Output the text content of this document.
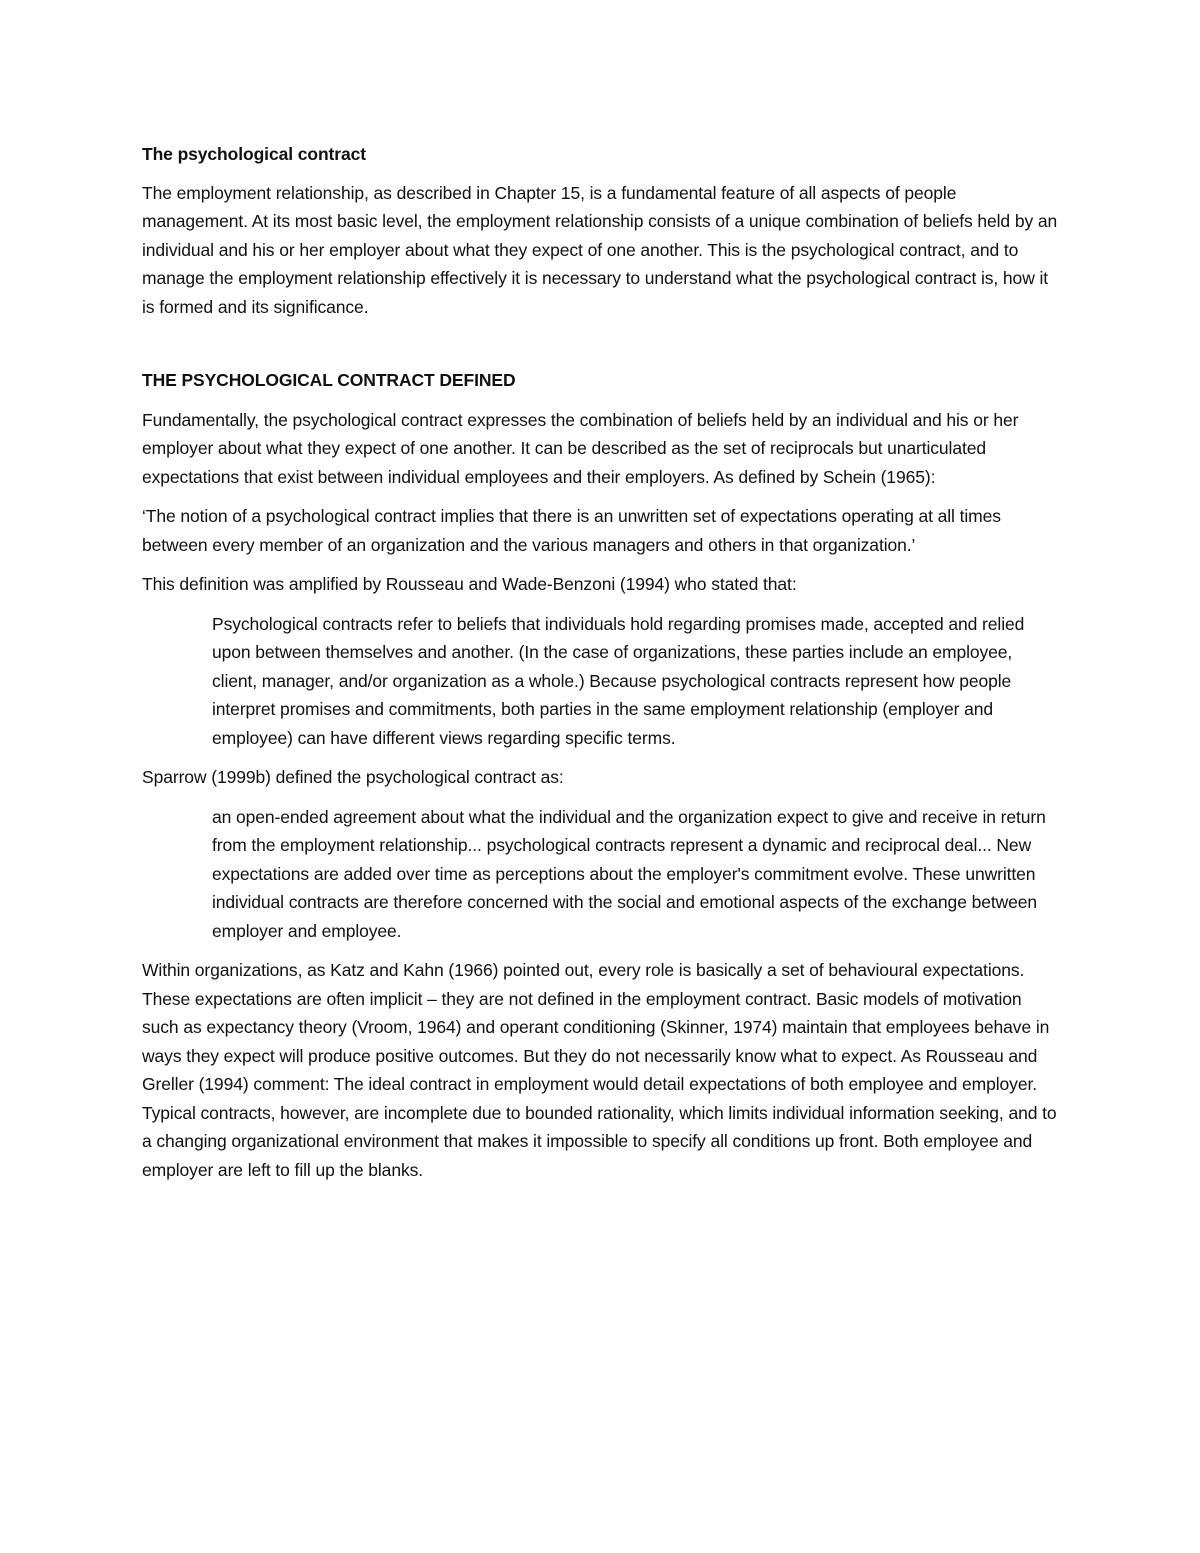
The psychological contract

The employment relationship, as described in Chapter 15, is a fundamental feature of all aspects of people management. At its most basic level, the employment relationship consists of a unique combination of beliefs held by an individual and his or her employer about what they expect of one another. This is the psychological contract, and to manage the employment relationship effectively it is necessary to understand what the psychological contract is, how it is formed and its significance.

THE PSYCHOLOGICAL CONTRACT DEFINED

Fundamentally, the psychological contract expresses the combination of beliefs held by an individual and his or her employer about what they expect of one another. It can be described as the set of reciprocals but unarticulated expectations that exist between individual employees and their employers. As defined by Schein (1965):

‘The notion of a psychological contract implies that there is an unwritten set of expectations operating at all times between every member of an organization and the various managers and others in that organization.’

This definition was amplified by Rousseau and Wade-Benzoni (1994) who stated that:

Psychological contracts refer to beliefs that individuals hold regarding promises made, accepted and relied upon between themselves and another. (In the case of organizations, these parties include an employee, client, manager, and/or organization as a whole.) Because psychological contracts represent how people interpret promises and commitments, both parties in the same employment relationship (employer and employee) can have different views regarding specific terms.

Sparrow (1999b) defined the psychological contract as:

an open-ended agreement about what the individual and the organization expect to give and receive in return from the employment relationship... psychological contracts represent a dynamic and reciprocal deal... New expectations are added over time as perceptions about the employer's commitment evolve. These unwritten individual contracts are therefore concerned with the social and emotional aspects of the exchange between employer and employee.

Within organizations, as Katz and Kahn (1966) pointed out, every role is basically a set of behavioural expectations. These expectations are often implicit – they are not defined in the employment contract. Basic models of motivation such as expectancy theory (Vroom, 1964) and operant conditioning (Skinner, 1974) maintain that employees behave in ways they expect will produce positive outcomes. But they do not necessarily know what to expect. As Rousseau and Greller (1994) comment: The ideal contract in employment would detail expectations of both employee and employer. Typical contracts, however, are incomplete due to bounded rationality, which limits individual information seeking, and to a changing organizational environment that makes it impossible to specify all conditions up front. Both employee and employer are left to fill up the blanks.
